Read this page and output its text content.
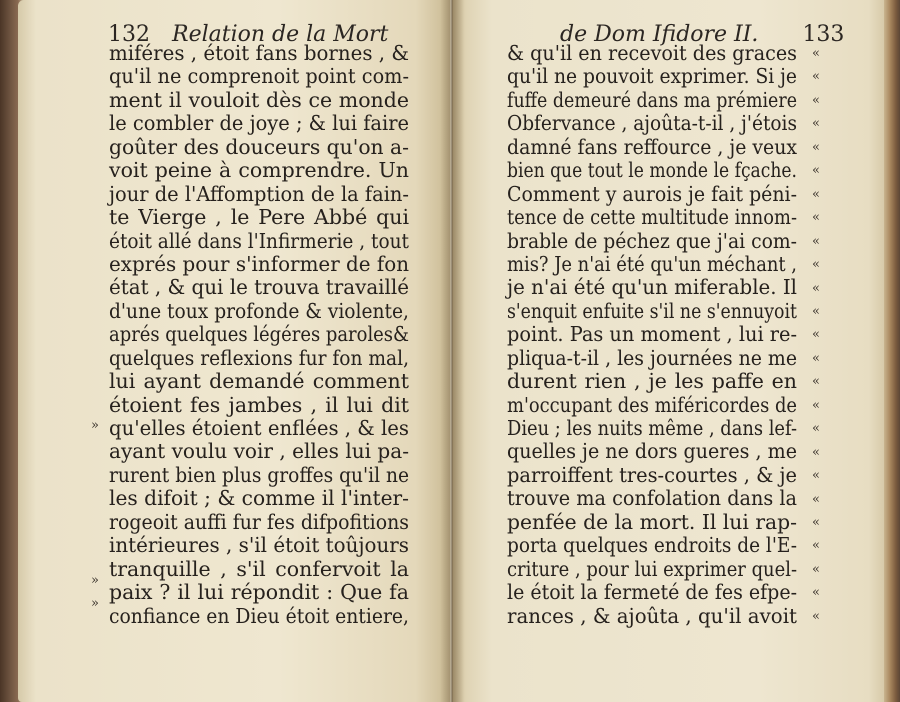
132 Relation de la Mort
miféres , étoit fans bornes , &
qu'il ne comprenoit point com-
ment il vouloit dès ce monde
le combler de joye ; & lui faire
goûter des douceurs qu'on a-
voit peine à comprendre. Un
jour de l'Affomption de la fain-
te Vierge , le Pere Abbé qui
étoit allé dans l'Infirmerie , tout
exprés pour s'informer de fon
état , & qui le trouva travaillé
d'une toux profonde & violente,
aprés quelques légéres paroles&
quelques reflexions fur fon mal,
lui ayant demandé comment
étoient fes jambes , il lui dit
qu'elles étoient enflées , & les
ayant voulu voir , elles lui pa-
rurent bien plus groffes qu'il ne
les difoit ; & comme il l'inter-
rogeoit auffi fur fes difpofitions
intérieures , s'il étoit toûjours
tranquille , s'il confervoit la
paix ? il lui répondit : Que fa
confiance en Dieu étoit entiere,
»
»
»
de Dom Ifidore II. 133
& qu'il en recevoit des graces
qu'il ne pouvoit exprimer. Si je
fuffe demeuré dans ma prémiere
Obfervance , ajoûta-t-il , j'étois
damné fans reffource , je veux
bien que tout le monde le fçache.
Comment y aurois je fait péni-
tence de cette multitude innom-
brable de péchez que j'ai com-
mis? Je n'ai été qu'un méchant ,
je n'ai été qu'un miferable. Il
s'enquit enfuite s'il ne s'ennuyoit
point. Pas un moment , lui re-
pliqua-t-il , les journées ne me
durent rien , je les paffe en
m'occupant des miféricordes de
Dieu ; les nuits même , dans lef-
quelles je ne dors gueres , me
parroiffent tres-courtes , & je
trouve ma confolation dans la
penfée de la mort. Il lui rap-
porta quelques endroits de l'E-
criture , pour lui exprimer quel-
le étoit la fermeté de fes efpe-
rances , & ajoûta , qu'il avoit
«
«
«
«
«
«
«
«
«
«
«
«
«
«
«
«
«
«
«
«
«
«
«
«
«
